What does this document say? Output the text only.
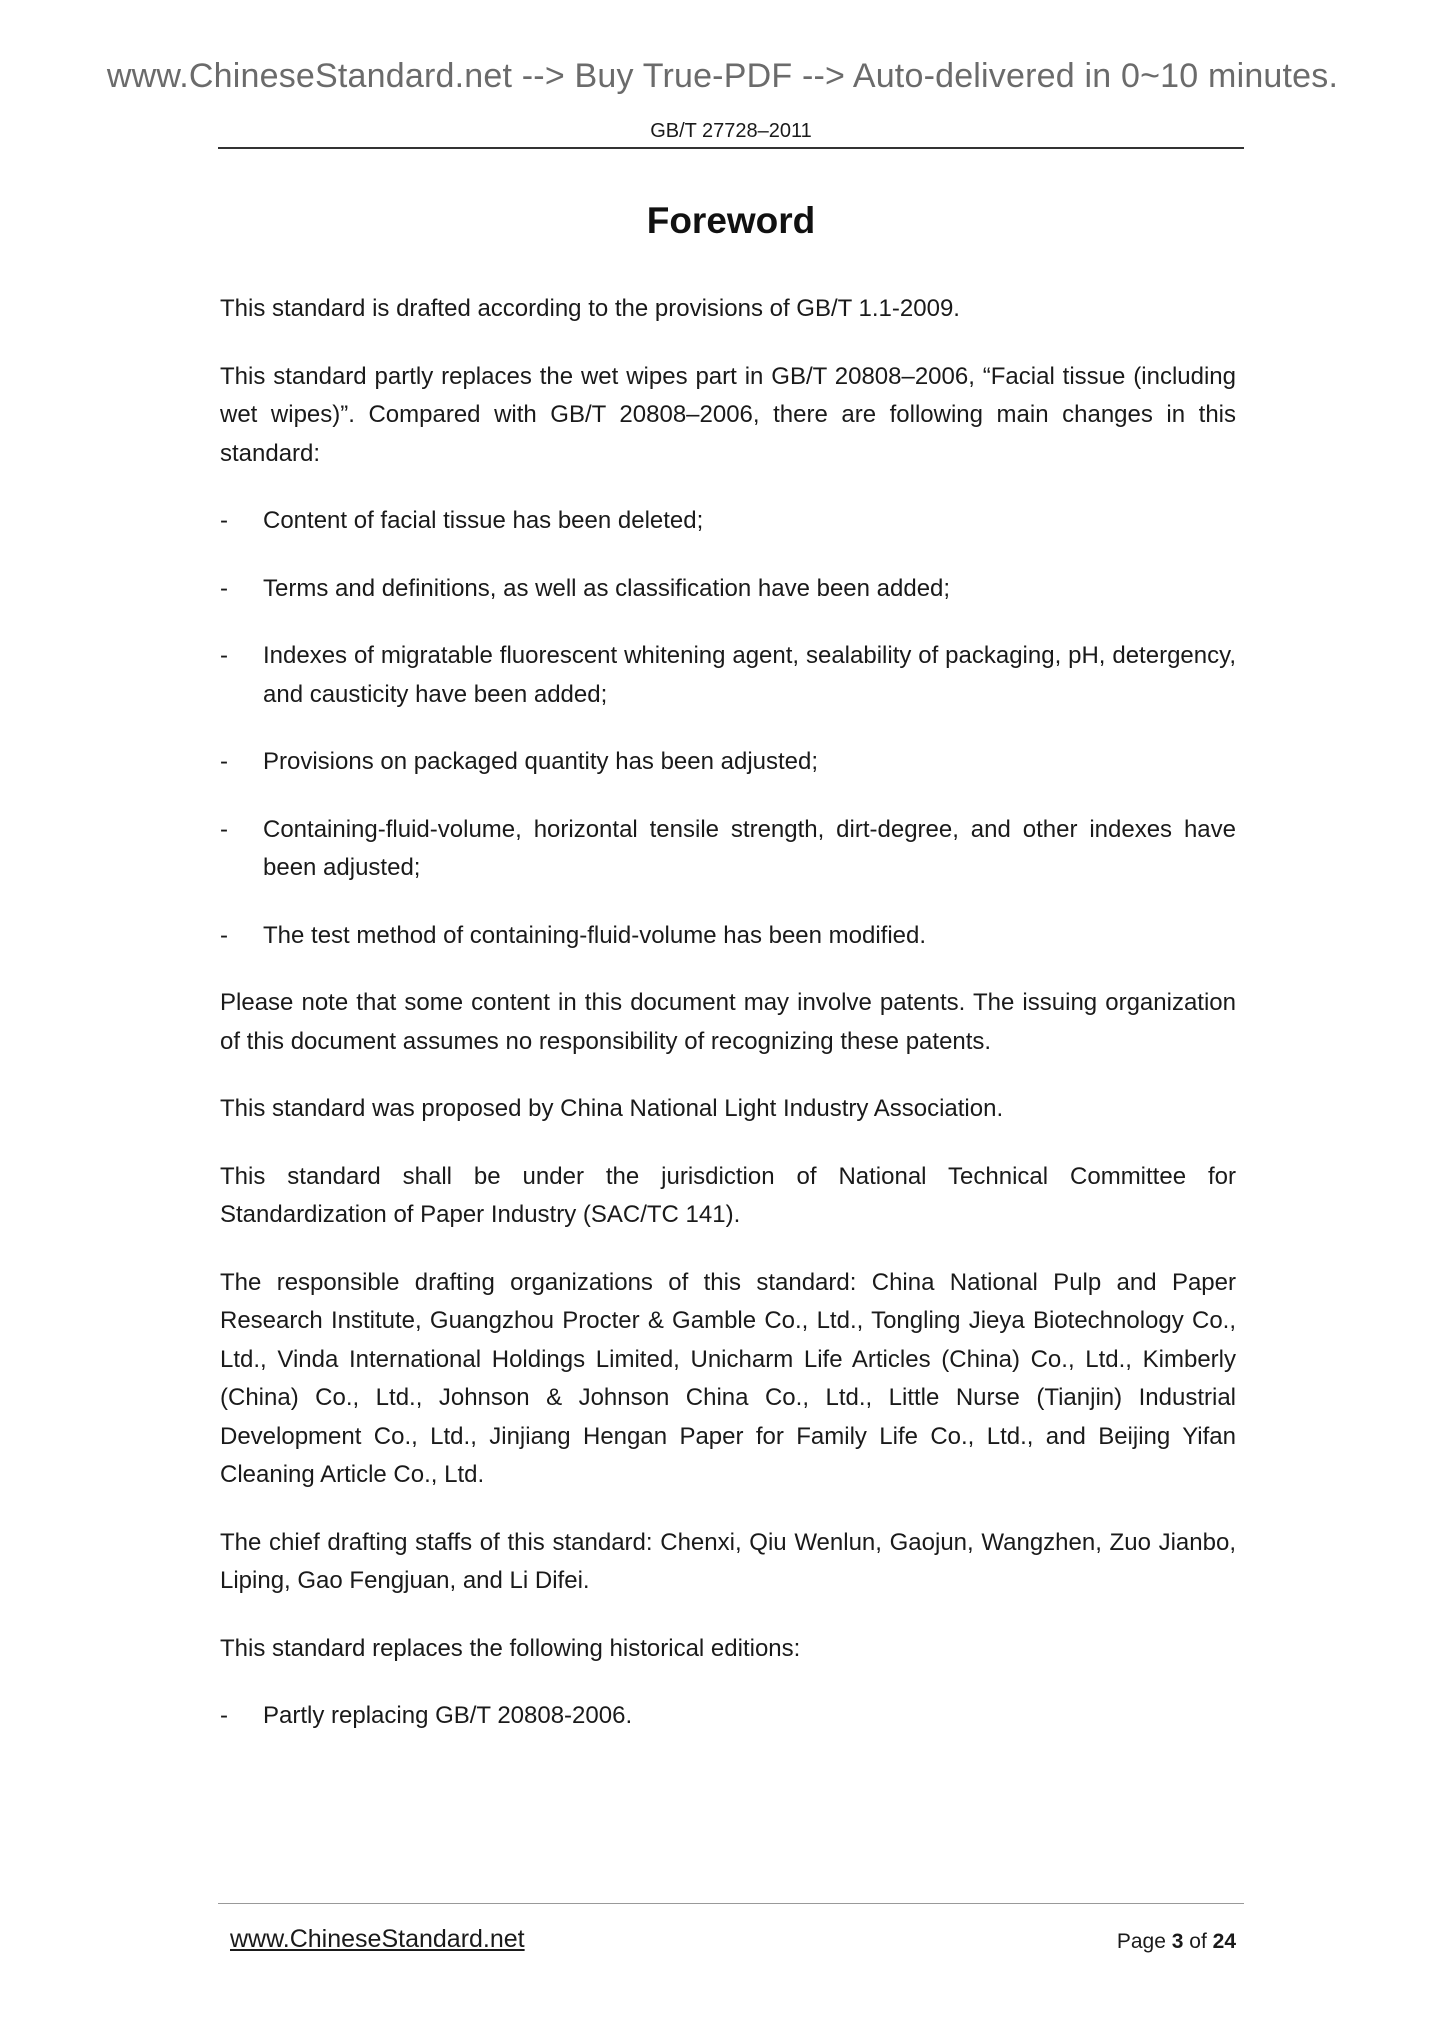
www.ChineseStandard.net --> Buy True-PDF --> Auto-delivered in 0~10 minutes.
GB/T 27728–2011
Foreword

This standard is drafted according to the provisions of GB/T 1.1-2009.

This standard partly replaces the wet wipes part in GB/T 20808–2006, “Facial tissue (including wet wipes)”. Compared with GB/T 20808–2006, there are following main changes in this standard:

-	Content of facial tissue has been deleted;
-	Terms and definitions, as well as classification have been added;
-	Indexes of migratable fluorescent whitening agent, sealability of packaging, pH, detergency, and causticity have been added;
-	Provisions on packaged quantity has been adjusted;
-	Containing-fluid-volume, horizontal tensile strength, dirt-degree, and other indexes have been adjusted;
-	The test method of containing-fluid-volume has been modified.

Please note that some content in this document may involve patents. The issuing organization of this document assumes no responsibility of recognizing these patents.

This standard was proposed by China National Light Industry Association.

This standard shall be under the jurisdiction of National Technical Committee for Standardization of Paper Industry (SAC/TC 141).

The responsible drafting organizations of this standard: China National Pulp and Paper Research Institute, Guangzhou Procter & Gamble Co., Ltd., Tongling Jieya Biotechnology Co., Ltd., Vinda International Holdings Limited, Unicharm Life Articles (China) Co., Ltd., Kimberly (China) Co., Ltd., Johnson & Johnson China Co., Ltd., Little Nurse (Tianjin) Industrial Development Co., Ltd., Jinjiang Hengan Paper for Family Life Co., Ltd., and Beijing Yifan Cleaning Article Co., Ltd.

The chief drafting staffs of this standard: Chenxi, Qiu Wenlun, Gaojun, Wangzhen, Zuo Jianbo, Liping, Gao Fengjuan, and Li Difei.

This standard replaces the following historical editions:

-	Partly replacing GB/T 20808-2006.
www.ChineseStandard.net	Page 3 of 24
